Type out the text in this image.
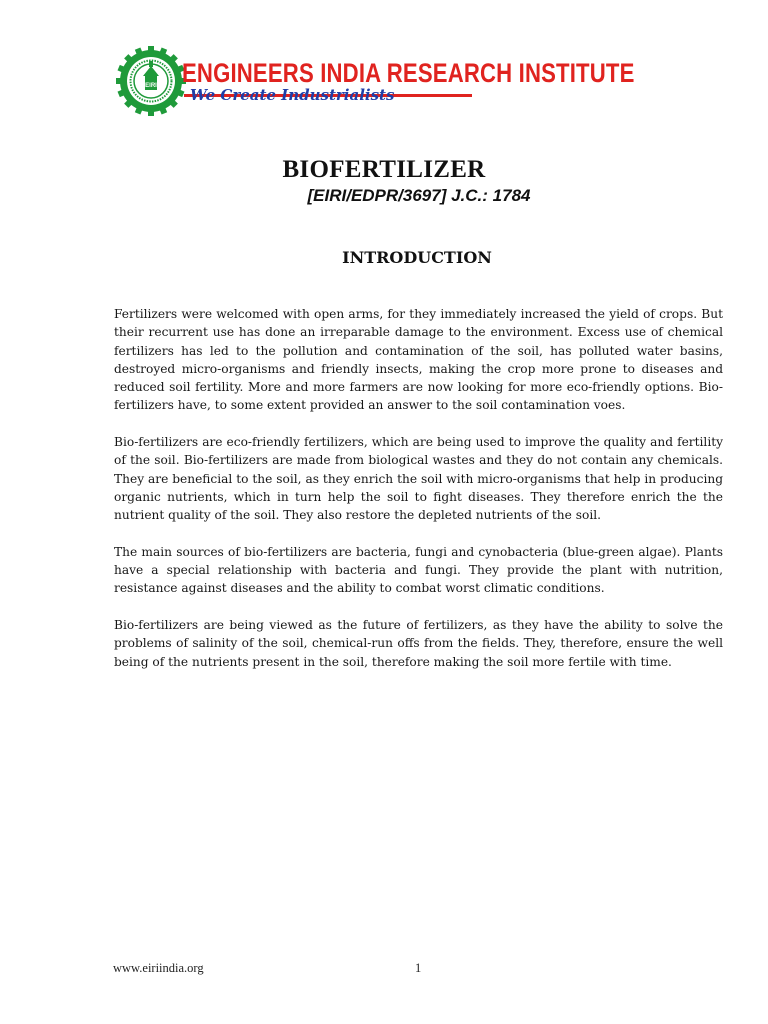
EIRI ENGINEERS INDIA RESEARCH INSTITUTE
We Create Industrialists
BIOFERTILIZER
[EIRI/EDPR/3697] J.C.: 1784
INTRODUCTION

Fertilizers were welcomed with open arms, for they immediately increased the yield of crops. But their recurrent use has done an irreparable damage to the environment. Excess use of chemical fertilizers has led to the pollution and contamination of the soil, has polluted water basins, destroyed micro-organisms and friendly insects, making the crop more prone to diseases and reduced soil fertility. More and more farmers are now looking for more eco-friendly options. Bio-fertilizers have, to some extent provided an answer to the soil contamination voes.

Bio-fertilizers are eco-friendly fertilizers, which are being used to improve the quality and fertility of the soil. Bio-fertilizers are made from biological wastes and they do not contain any chemicals. They are beneficial to the soil, as they enrich the soil with micro-organisms that help in producing organic nutrients, which in turn help the soil to fight diseases. They therefore enrich the the nutrient quality of the soil. They also restore the depleted nutrients of the soil.

The main sources of bio-fertilizers are bacteria, fungi and cynobacteria (blue-green algae). Plants have a special relationship with bacteria and fungi. They provide the plant with nutrition, resistance against diseases and the ability to combat worst climatic conditions.

Bio-fertilizers are being viewed as the future of fertilizers, as they have the ability to solve the problems of salinity of the soil, chemical-run offs from the fields. They, therefore, ensure the well being of the nutrients present in the soil, therefore making the soil more fertile with time.

www.eiriindia.org	1
